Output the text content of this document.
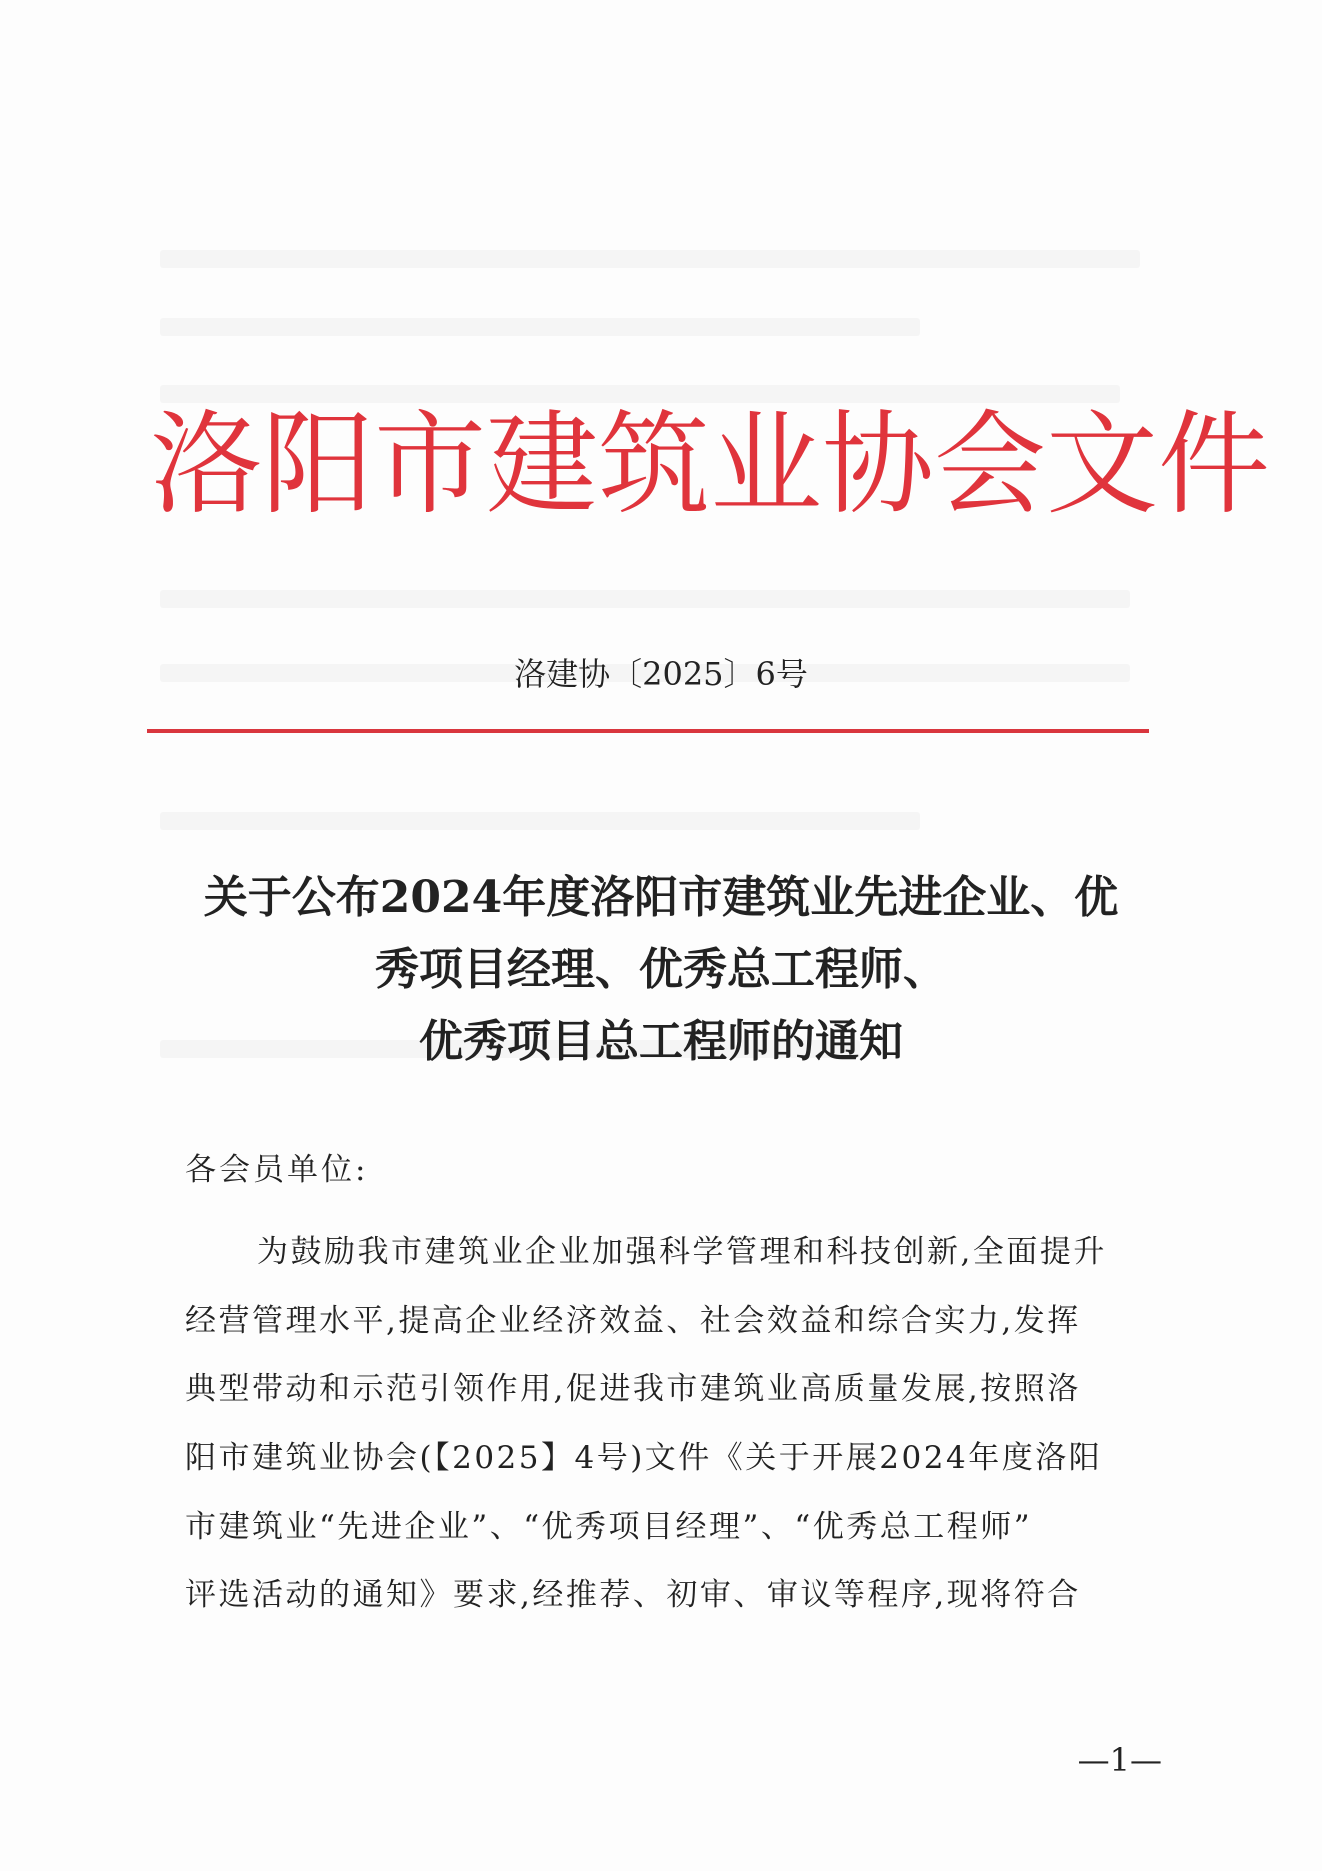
洛阳市建筑业协会文件
洛建协〔2025〕6号
关于公布2024年度洛阳市建筑业先进企业、优
秀项目经理、优秀总工程师、
优秀项目总工程师的通知
各会员单位:
为鼓励我市建筑业企业加强科学管理和科技创新,全面提升
经营管理水平,提高企业经济效益、社会效益和综合实力,发挥
典型带动和示范引领作用,促进我市建筑业高质量发展,按照洛
阳市建筑业协会(【2025】4号)文件《关于开展2024年度洛阳
市建筑业“先进企业”、“优秀项目经理”、“优秀总工程师”
评选活动的通知》要求,经推荐、初审、审议等程序,现将符合
—1—
